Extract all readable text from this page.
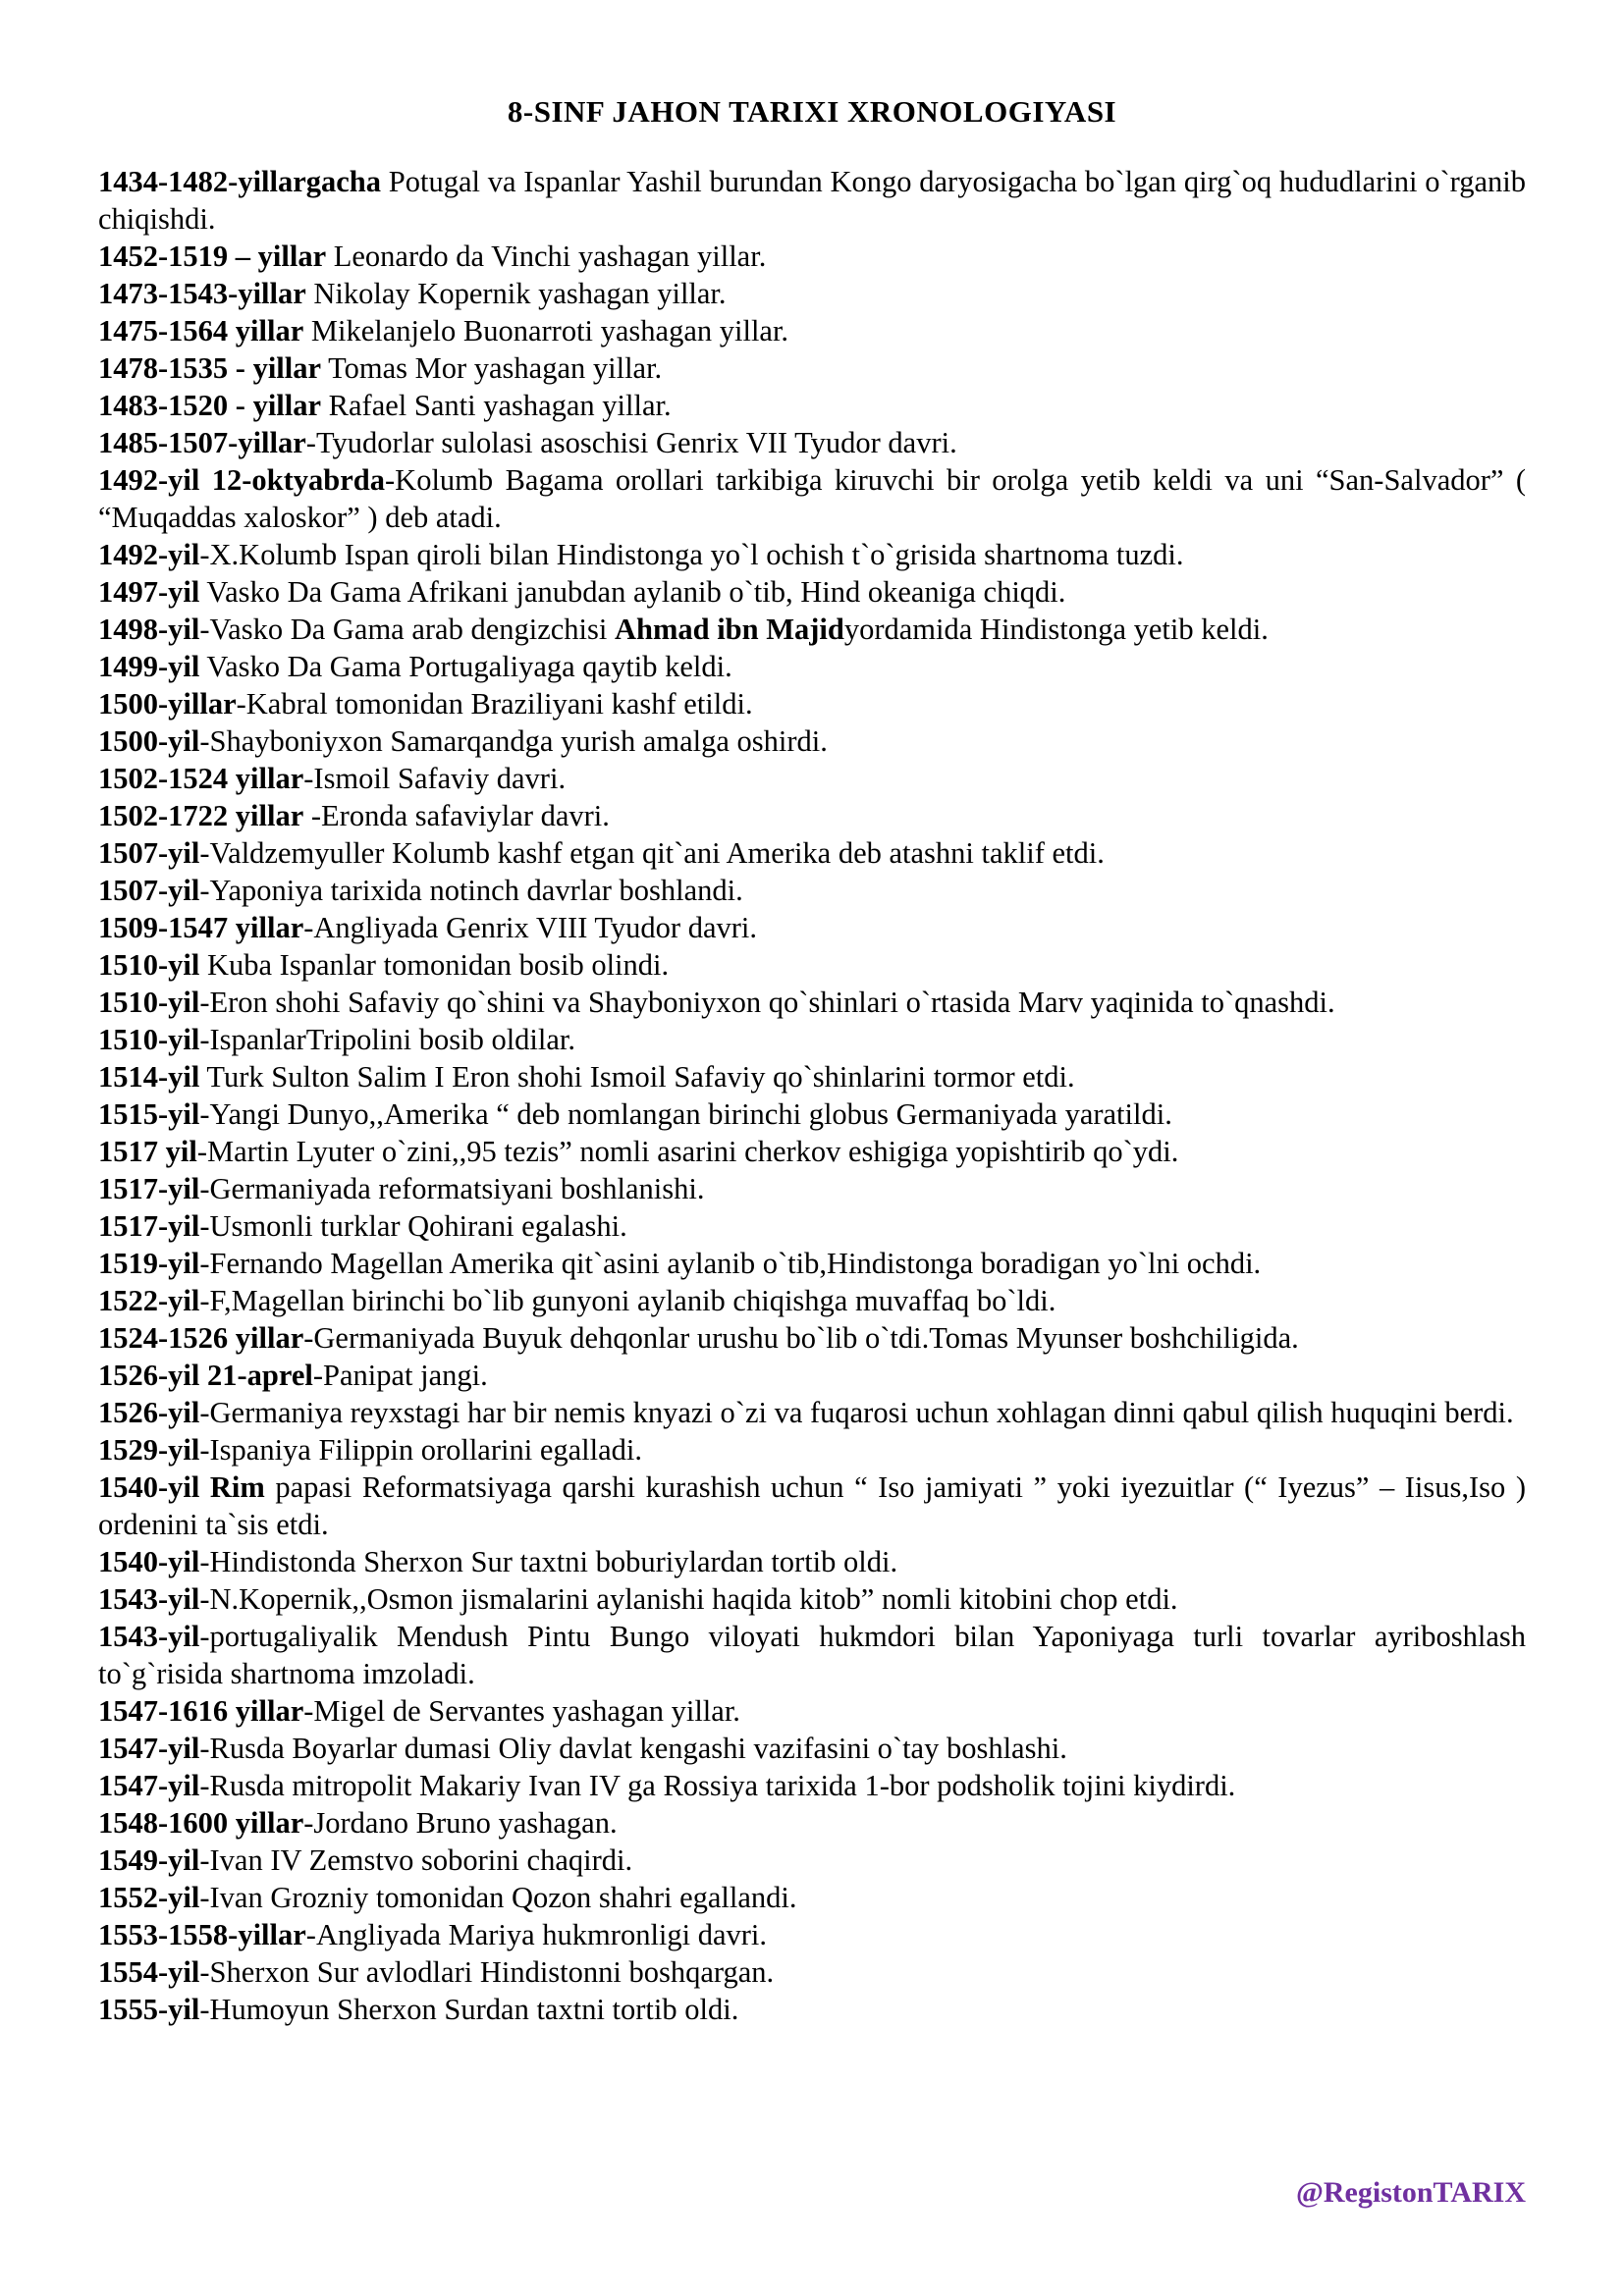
8-SINF JAHON TARIXI XRONOLOGIYASI

1434-1482-yillargacha Potugal va Ispanlar Yashil burundan Kongo daryosigacha bo`lgan qirg`oq hududlarini o`rganib chiqishdi.

1452-1519 – yillar Leonardo da Vinchi yashagan yillar.

1473-1543-yillar Nikolay Kopernik yashagan yillar.

1475-1564 yillar Mikelanjelo Buonarroti yashagan yillar.

1478-1535 - yillar Tomas Mor yashagan yillar.

1483-1520 - yillar Rafael Santi yashagan yillar.

1485-1507-yillar-Tyudorlar sulolasi asoschisi Genrix VII Tyudor davri.

1492-yil 12-oktyabrda-Kolumb Bagama orollari tarkibiga kiruvchi bir orolga yetib keldi va uni “San-Salvador” ( “Muqaddas xaloskor” ) deb atadi.

1492-yil-X.Kolumb Ispan qiroli bilan Hindistonga yo`l ochish t`o`grisida shartnoma tuzdi.

1497-yil Vasko Da Gama Afrikani janubdan aylanib o`tib, Hind okeaniga chiqdi.

1498-yil-Vasko Da Gama arab dengizchisi Ahmad ibn Majidyordamida Hindistonga yetib keldi.

1499-yil Vasko Da Gama Portugaliyaga qaytib keldi.

1500-yillar-Kabral tomonidan Braziliyani kashf etildi.

1500-yil-Shayboniyxon Samarqandga yurish amalga oshirdi.

1502-1524 yillar-Ismoil Safaviy davri.

1502-1722 yillar -Eronda safaviylar davri.

1507-yil-Valdzemyuller Kolumb kashf etgan qit`ani Amerika deb atashni taklif etdi.

1507-yil-Yaponiya tarixida notinch davrlar boshlandi.

1509-1547 yillar-Angliyada Genrix VIII Tyudor davri.

1510-yil Kuba Ispanlar tomonidan bosib olindi.

1510-yil-Eron shohi Safaviy qo`shini va Shayboniyxon qo`shinlari o`rtasida Marv yaqinida to`qnashdi.

1510-yil-IspanlarTripolini bosib oldilar.

1514-yil Turk Sulton Salim I Eron shohi Ismoil Safaviy qo`shinlarini tormor etdi.

1515-yil-Yangi Dunyo,,Amerika “ deb nomlangan birinchi globus Germaniyada yaratildi.

1517 yil-Martin Lyuter o`zini,,95 tezis” nomli asarini cherkov eshigiga yopishtirib qo`ydi.

1517-yil-Germaniyada reformatsiyani boshlanishi.

1517-yil-Usmonli turklar Qohirani egalashi.

1519-yil-Fernando Magellan Amerika qit`asini aylanib o`tib,Hindistonga boradigan yo`lni ochdi.

1522-yil-F,Magellan birinchi bo`lib gunyoni aylanib chiqishga muvaffaq bo`ldi.

1524-1526 yillar-Germaniyada Buyuk dehqonlar urushu bo`lib o`tdi.Tomas Myunser boshchiligida.

1526-yil 21-aprel-Panipat jangi.

1526-yil-Germaniya reyxstagi har bir nemis knyazi o`zi va fuqarosi uchun xohlagan dinni qabul qilish huquqini berdi.

1529-yil-Ispaniya Filippin orollarini egalladi.

1540-yil Rim papasi Reformatsiyaga qarshi kurashish uchun “ Iso jamiyati ” yoki iyezuitlar (“ Iyezus” – Iisus,Iso ) ordenini ta`sis etdi.

1540-yil-Hindistonda Sherxon Sur taxtni boburiylardan tortib oldi.

1543-yil-N.Kopernik,,Osmon jismalarini aylanishi haqida kitob” nomli kitobini chop etdi.

1543-yil-portugaliyalik Mendush Pintu Bungo viloyati hukmdori bilan Yaponiyaga turli tovarlar ayriboshlash to`g`risida shartnoma imzoladi.

1547-1616 yillar-Migel de Servantes yashagan yillar.

1547-yil-Rusda Boyarlar dumasi Oliy davlat kengashi vazifasini o`tay boshlashi.

1547-yil-Rusda mitropolit Makariy Ivan IV ga Rossiya tarixida 1-bor podsholik tojini kiydirdi.

1548-1600 yillar-Jordano Bruno yashagan.

1549-yil-Ivan IV Zemstvo soborini chaqirdi.

1552-yil-Ivan Grozniy tomonidan Qozon shahri egallandi.

1553-1558-yillar-Angliyada Mariya hukmronligi davri.

1554-yil-Sherxon Sur avlodlari Hindistonni boshqargan.

1555-yil-Humoyun Sherxon Surdan taxtni tortib oldi.

@RegistonTARIX
